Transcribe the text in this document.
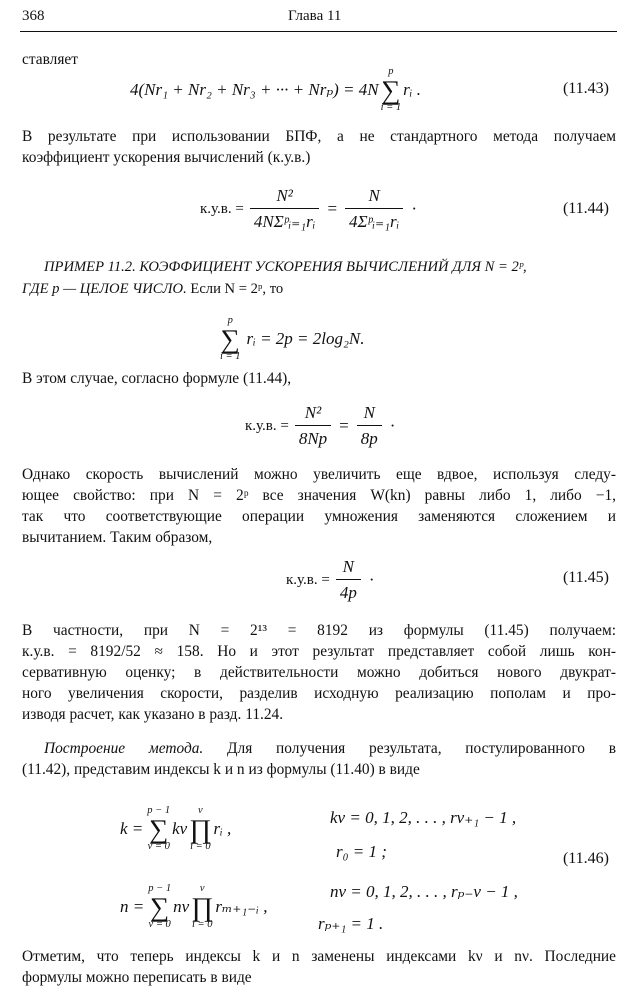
368	Глава 11
ставляет
4(Nr₁ + Nr₂ + Nr₃ + ··· + Nrₚ) = 4N
p
∑
i = 1
rᵢ .	(11.43)
В результате при использовании БПФ, а не стандартного метода получаем
коэффициент ускорения вычислений (к.у.в.)
к.у.в. = $\frac{\text{N²}}{\text{4NΣᵖᵢ₌₁rᵢ}} = \frac{N}{\text{4Σᵖᵢ₌₁rᵢ}}$ ·	(11.44)
ПРИМЕР 11.2. КОЭФФИЦИЕНТ УСКОРЕНИЯ ВЫЧИСЛЕНИЙ ДЛЯ N = 2ᵖ,
ГДЕ p — ЦЕЛОЕ ЧИСЛО. Если N = 2ᵖ, то
p
∑
i = 1
rᵢ = 2p = 2log₂N.
В этом случае, согласно формуле (11.44),
к.у.в. = $\frac{\text{N²}}{8Np} = \frac{N}{8p}$ ·
Однако скорость вычислений можно увеличить еще вдвое, используя следу-
ющее свойство: при N = 2ᵖ все значения W(kn) равны либо 1, либо −1,
так что соответствующие операции умножения заменяются сложением и
вычитанием. Таким образом,
к.у.в. = $\frac{N}{4p}$ ·	(11.45)
В частности, при N = 2¹³ = 8192 из формулы (11.45) получаем:
к.у.в. = 8192/52 ≈ 158. Но и этот результат представляет собой лишь кон-
сервативную оценку; в действительности можно добиться нового двукрат-
ного увеличения скорости, разделив исходную реализацию пополам и про-
изводя расчет, как указано в разд. 11.24.
Построение метода. Для получения результата, постулированного в
(11.42), представим индексы k и n из формулы (11.40) в виде
k =
p − 1
∑
ν = 0
kν
ν
∏
i = 0
rᵢ ,
kν = 0, 1, 2, . . . , rν₊₁ − 1 ,
r₀ = 1 ;	(11.46)
n =
p − 1
∑
ν = 0
nν
ν
∏
i = 0
rₘ₊₁₋ᵢ ,
nν = 0, 1, 2, . . . , rₚ₋ν − 1 ,
rₚ₊₁ = 1 .
Отметим, что теперь индексы k и n заменены индексами kν и nν. Последние
формулы можно переписать в виде
